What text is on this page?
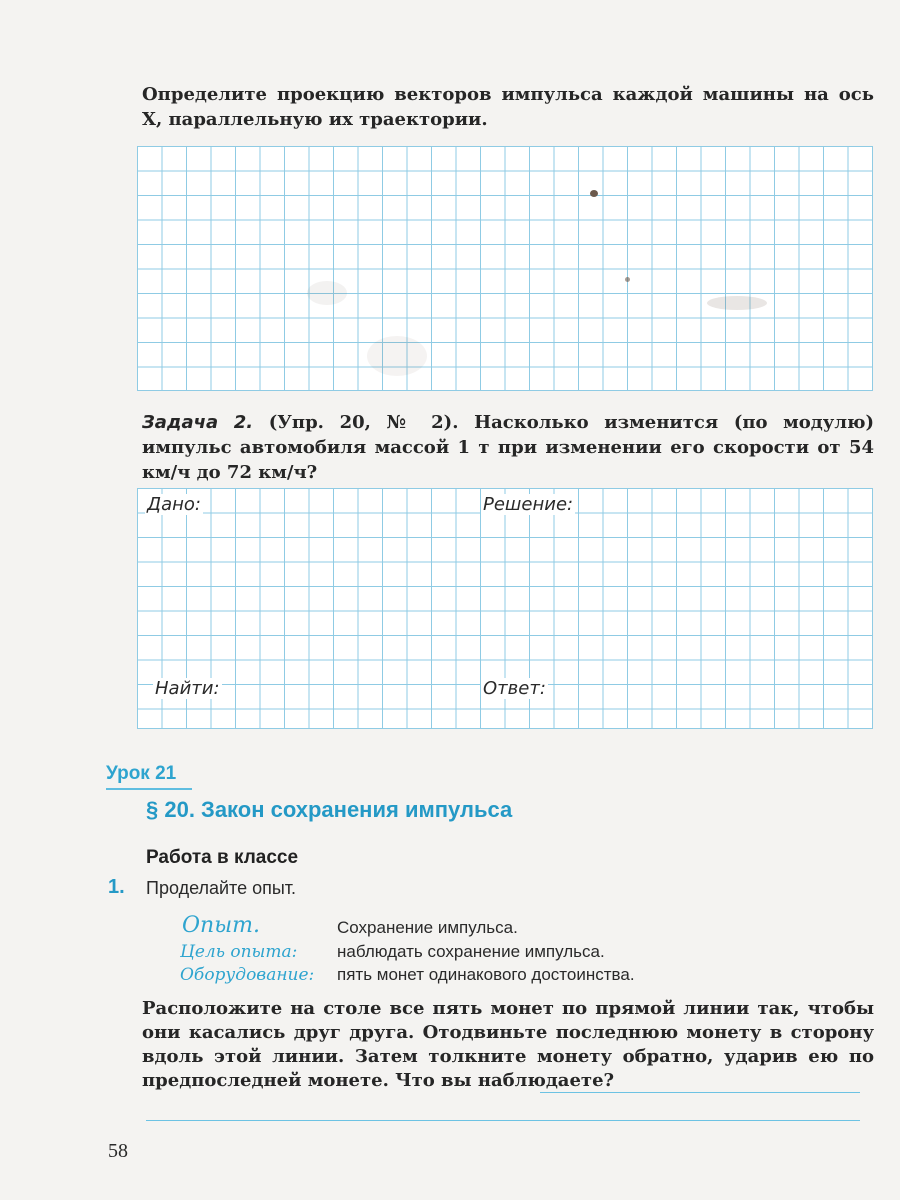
Определите проекцию векторов импульса каждой машины на ось X, параллельную их траектории.
Задача 2. (Упр. 20, № 2). Насколько изменится (по модулю) импульс автомобиля массой 1 т при изменении его скорости от 54 км/ч до 72 км/ч?
Дано:	Решение:
Найти:	Ответ:
Урок 21
§ 20. Закон сохранения импульса
Работа в классе
1. Проделайте опыт.
Опыт.	Сохранение импульса.
Цель опыта: наблюдать сохранение импульса.
Оборудование: пять монет одинакового достоинства.
Расположите на столе все пять монет по прямой линии так, чтобы они касались друг друга. Отодвиньте последнюю монету в сторону вдоль этой линии. Затем толкните монету обратно, ударив ею по предпоследней монете. Что вы наблюдаете?
58
